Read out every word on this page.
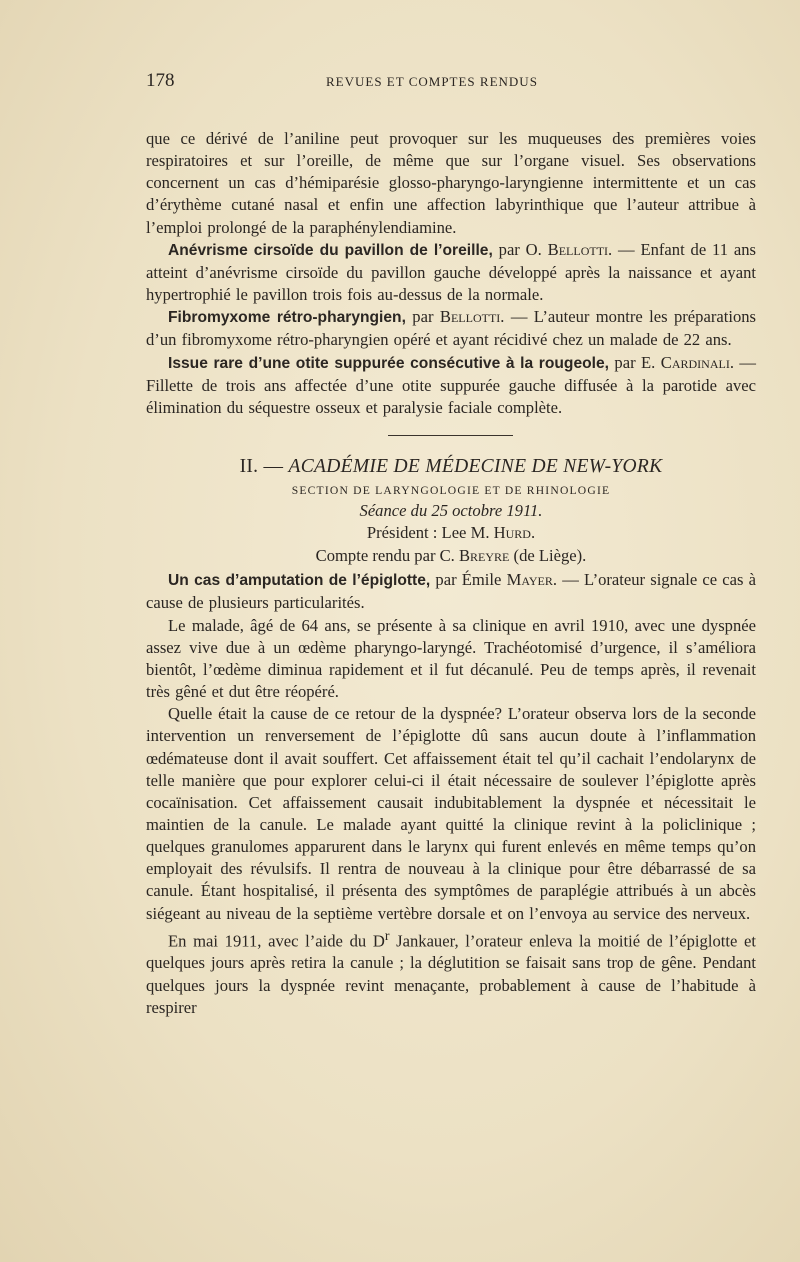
178	REVUES ET COMPTES RENDUS

que ce dérivé de l’aniline peut provoquer sur les muqueuses des premières voies respiratoires et sur l’oreille, de même que sur l’organe visuel. Ses observations concernent un cas d’hémiparésie glosso-pharyngo-laryngienne intermittente et un cas d’érythème cutané nasal et enfin une affection labyrinthique que l’auteur attribue à l’emploi prolongé de la paraphénylendiamine.

Anévrisme cirsoïde du pavillon de l’oreille, par O. Bellotti. — Enfant de 11 ans atteint d’anévrisme cirsoïde du pavillon gauche développé après la naissance et ayant hypertrophié le pavillon trois fois au-dessus de la normale.

Fibromyxome rétro-pharyngien, par Bellotti. — L’auteur montre les préparations d’un fibromyxome rétro-pharyngien opéré et ayant récidivé chez un malade de 22 ans.

Issue rare d’une otite suppurée consécutive à la rougeole, par E. Cardinali. — Fillette de trois ans affectée d’une otite suppurée gauche diffusée à la parotide avec élimination du séquestre osseux et paralysie faciale complète.

II. — ACADÉMIE DE MÉDECINE DE NEW-YORK
SECTION DE LARYNGOLOGIE ET DE RHINOLOGIE
Séance du 25 octobre 1911.
Président : Lee M. Hurd.
Compte rendu par C. Breyre (de Liège).

Un cas d’amputation de l’épiglotte, par Émile Mayer. — L’orateur signale ce cas à cause de plusieurs particularités.

Le malade, âgé de 64 ans, se présente à sa clinique en avril 1910, avec une dyspnée assez vive due à un œdème pharyngo-laryngé. Trachéotomisé d’urgence, il s’améliora bientôt, l’œdème diminua rapidement et il fut décanulé. Peu de temps après, il revenait très gêné et dut être réopéré.

Quelle était la cause de ce retour de la dyspnée? L’orateur observa lors de la seconde intervention un renversement de l’épiglotte dû sans aucun doute à l’inflammation œdémateuse dont il avait souffert. Cet affaissement était tel qu’il cachait l’endolarynx de telle manière que pour explorer celui-ci il était nécessaire de soulever l’épiglotte après cocaïnisation. Cet affaissement causait indubitablement la dyspnée et nécessitait le maintien de la canule. Le malade ayant quitté la clinique revint à la policlinique ; quelques granulomes apparurent dans le larynx qui furent enlevés en même temps qu’on employait des révulsifs. Il rentra de nouveau à la clinique pour être débarrassé de sa canule. Étant hospitalisé, il présenta des symptômes de paraplégie attribués à un abcès siégeant au niveau de la septième vertèbre dorsale et on l’envoya au service des nerveux.

En mai 1911, avec l’aide du $D^r$ Jankauer, l’orateur enleva la moitié de l’épiglotte et quelques jours après retira la canule ; la déglutition se faisait sans trop de gêne. Pendant quelques jours la dyspnée revint menaçante, probablement à cause de l’habitude à respirer
